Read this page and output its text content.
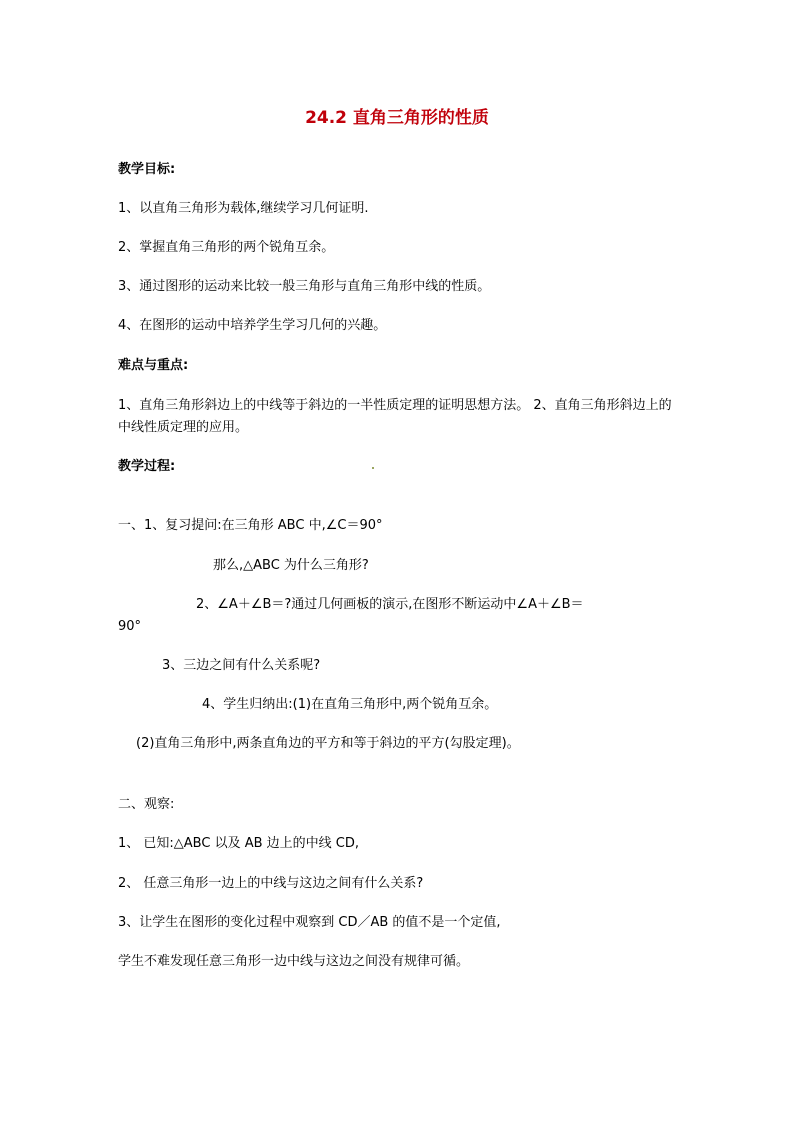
24.2 直角三角形的性质
教学目标:
1、以直角三角形为载体,继续学习几何证明.
2、掌握直角三角形的两个锐角互余。
3、通过图形的运动来比较一般三角形与直角三角形中线的性质。
4、在图形的运动中培养学生学习几何的兴趣。
难点与重点:
1、直角三角形斜边上的中线等于斜边的一半性质定理的证明思想方法。 2、直角三角形斜边上的中线性质定理的应用。
教学过程:
一、1、复习提问:在三角形 ABC 中,∠C＝90°
那么,△ABC 为什么三角形?
2、∠A＋∠B＝?通过几何画板的演示,在图形不断运动中∠A＋∠B＝
90°
3、三边之间有什么关系呢?
4、学生归纳出:(1)在直角三角形中,两个锐角互余。
(2)直角三角形中,两条直角边的平方和等于斜边的平方(勾股定理)。
二、观察:
1、 已知:△ABC 以及 AB 边上的中线 CD,
2、 任意三角形一边上的中线与这边之间有什么关系?
3、让学生在图形的变化过程中观察到 CD／AB 的值不是一个定值,
学生不难发现任意三角形一边中线与这边之间没有规律可循。
